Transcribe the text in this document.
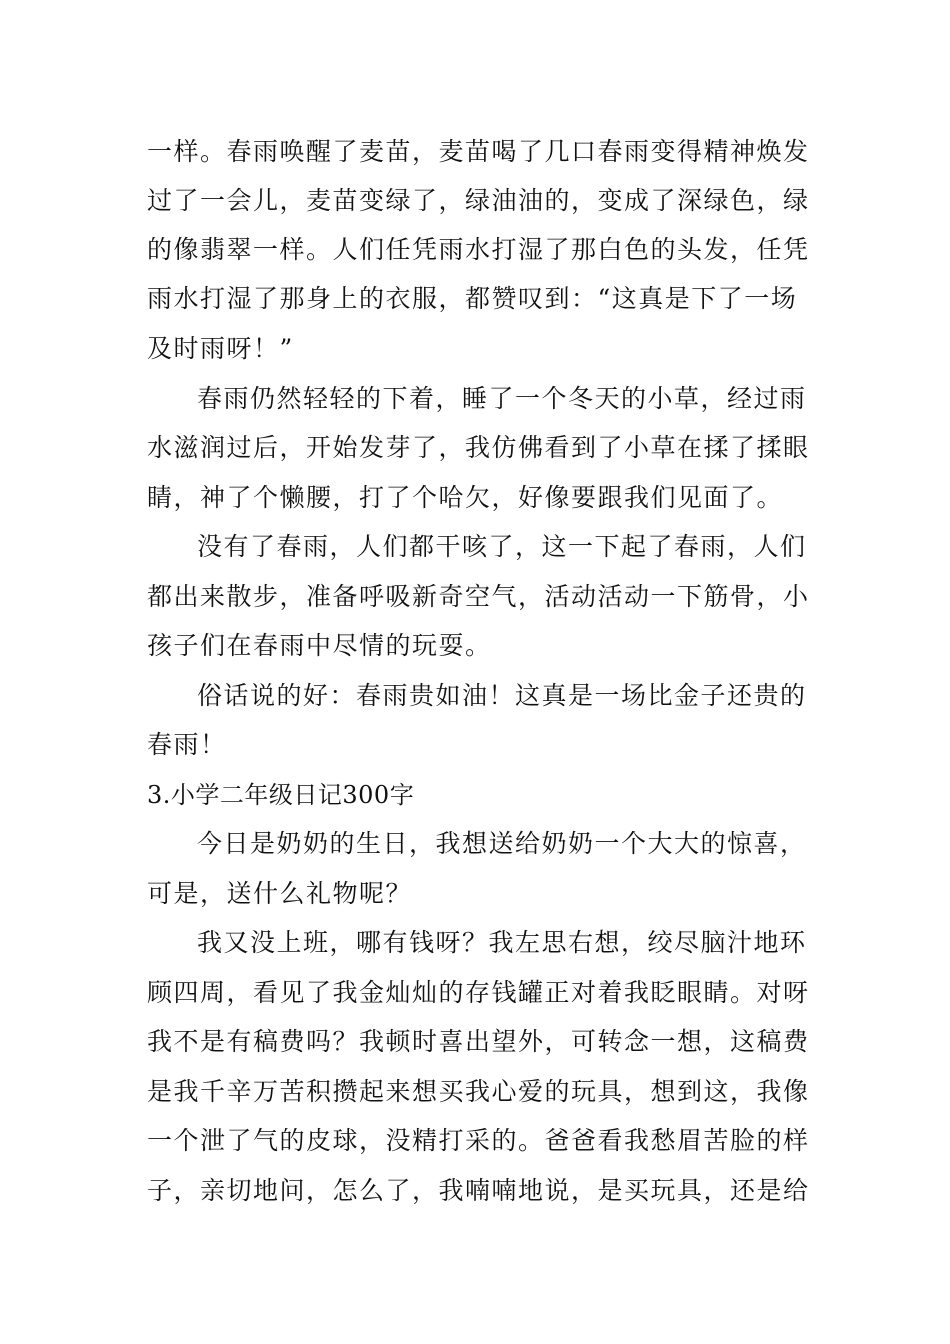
一样。春雨唤醒了麦苗，麦苗喝了几口春雨变得精神焕发
过了一会儿，麦苗变绿了，绿油油的，变成了深绿色，绿
的像翡翠一样。人们任凭雨水打湿了那白色的头发，任凭
雨水打湿了那身上的衣服，都赞叹到：“这真是下了一场
及时雨呀！”
春雨仍然轻轻的下着，睡了一个冬天的小草，经过雨
水滋润过后，开始发芽了，我仿佛看到了小草在揉了揉眼
睛，神了个懒腰，打了个哈欠，好像要跟我们见面了。
没有了春雨，人们都干咳了，这一下起了春雨，人们
都出来散步，准备呼吸新奇空气，活动活动一下筋骨，小
孩子们在春雨中尽情的玩耍。
俗话说的好：春雨贵如油！这真是一场比金子还贵的
春雨！
3.小学二年级日记300字
今日是奶奶的生日，我想送给奶奶一个大大的惊喜，
可是，送什么礼物呢？
我又没上班，哪有钱呀？我左思右想，绞尽脑汁地环
顾四周，看见了我金灿灿的存钱罐正对着我眨眼睛。对呀
我不是有稿费吗？我顿时喜出望外，可转念一想，这稿费
是我千辛万苦积攒起来想买我心爱的玩具，想到这，我像
一个泄了气的皮球，没精打采的。爸爸看我愁眉苦脸的样
子，亲切地问，怎么了，我喃喃地说，是买玩具，还是给
